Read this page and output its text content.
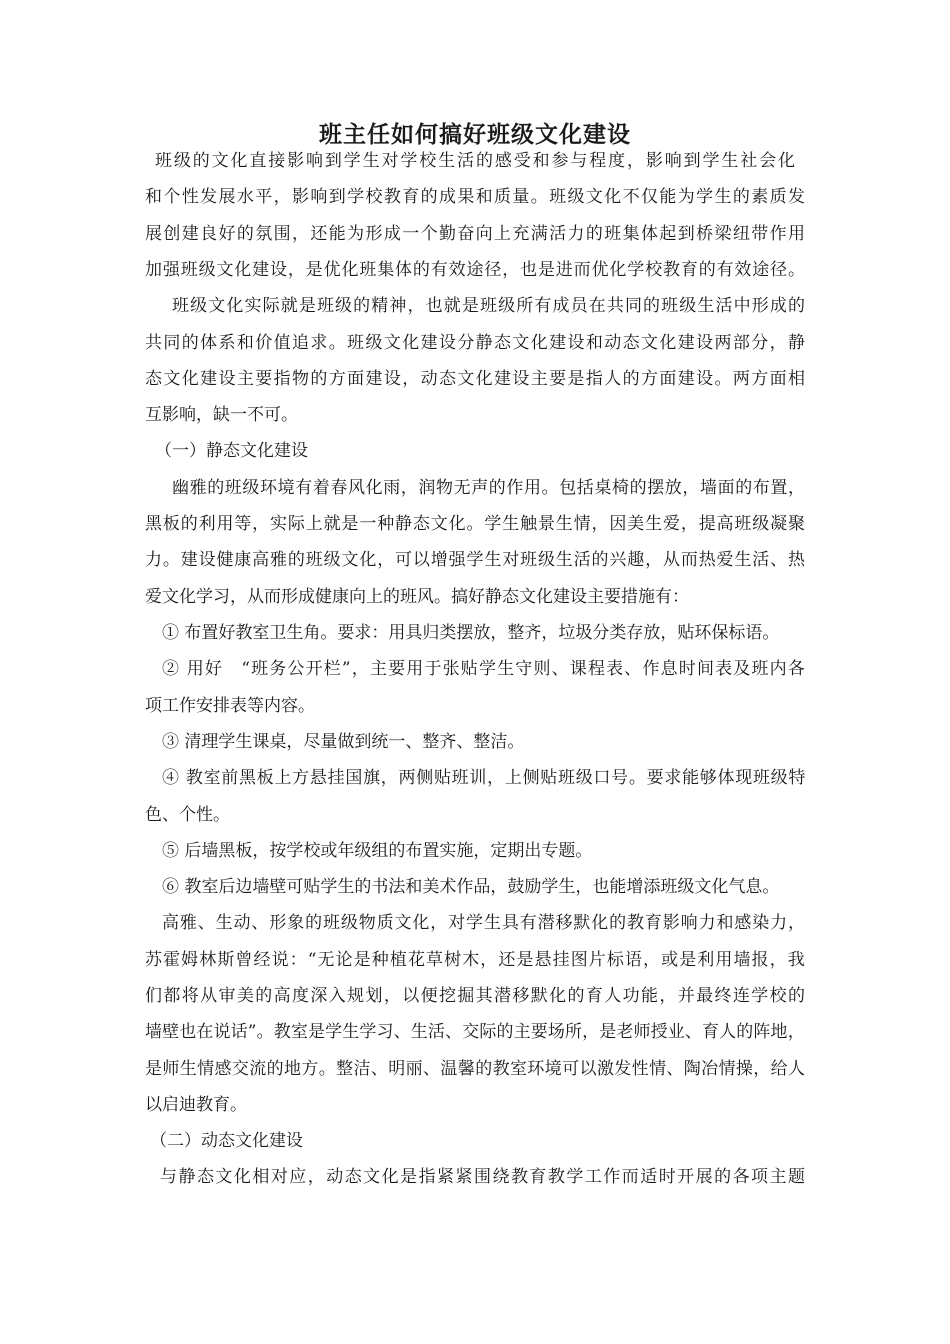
班主任如何搞好班级文化建设
班级的文化直接影响到学生对学校生活的感受和参与程度，影响到学生社会化
和个性发展水平，影响到学校教育的成果和质量。班级文化不仅能为学生的素质发
展创建良好的氛围，还能为形成一个勤奋向上充满活力的班集体起到桥梁纽带作用
加强班级文化建设，是优化班集体的有效途径，也是进而优化学校教育的有效途径。
班级文化实际就是班级的精神，也就是班级所有成员在共同的班级生活中形成的
共同的体系和价值追求。班级文化建设分静态文化建设和动态文化建设两部分，静
态文化建设主要指物的方面建设，动态文化建设主要是指人的方面建设。两方面相
互影响，缺一不可。
（一）静态文化建设
幽雅的班级环境有着春风化雨，润物无声的作用。包括桌椅的摆放，墙面的布置，
黑板的利用等，实际上就是一种静态文化。学生触景生情，因美生爱，提高班级凝聚
力。建设健康高雅的班级文化，可以增强学生对班级生活的兴趣，从而热爱生活、热
爱文化学习，从而形成健康向上的班风。搞好静态文化建设主要措施有：
① 布置好教室卫生角。要求：用具归类摆放，整齐，垃圾分类存放，贴环保标语。
② 用好　“班务公开栏”，主要用于张贴学生守则、课程表、作息时间表及班内各
项工作安排表等内容。
③ 清理学生课桌，尽量做到统一、整齐、整洁。
④ 教室前黑板上方悬挂国旗，两侧贴班训，上侧贴班级口号。要求能够体现班级特
色、个性。
⑤ 后墙黑板，按学校或年级组的布置实施，定期出专题。
⑥ 教室后边墙壁可贴学生的书法和美术作品，鼓励学生，也能增添班级文化气息。
高雅、生动、形象的班级物质文化，对学生具有潜移默化的教育影响力和感染力，
苏霍姆林斯曾经说：“无论是种植花草树木，还是悬挂图片标语，或是利用墙报，我
们都将从审美的高度深入规划，以便挖掘其潜移默化的育人功能，并最终连学校的
墙壁也在说话”。教室是学生学习、生活、交际的主要场所，是老师授业、育人的阵地，
是师生情感交流的地方。整洁、明丽、温馨的教室环境可以激发性情、陶冶情操，给人
以启迪教育。
（二）动态文化建设
与静态文化相对应，动态文化是指紧紧围绕教育教学工作而适时开展的各项主题
